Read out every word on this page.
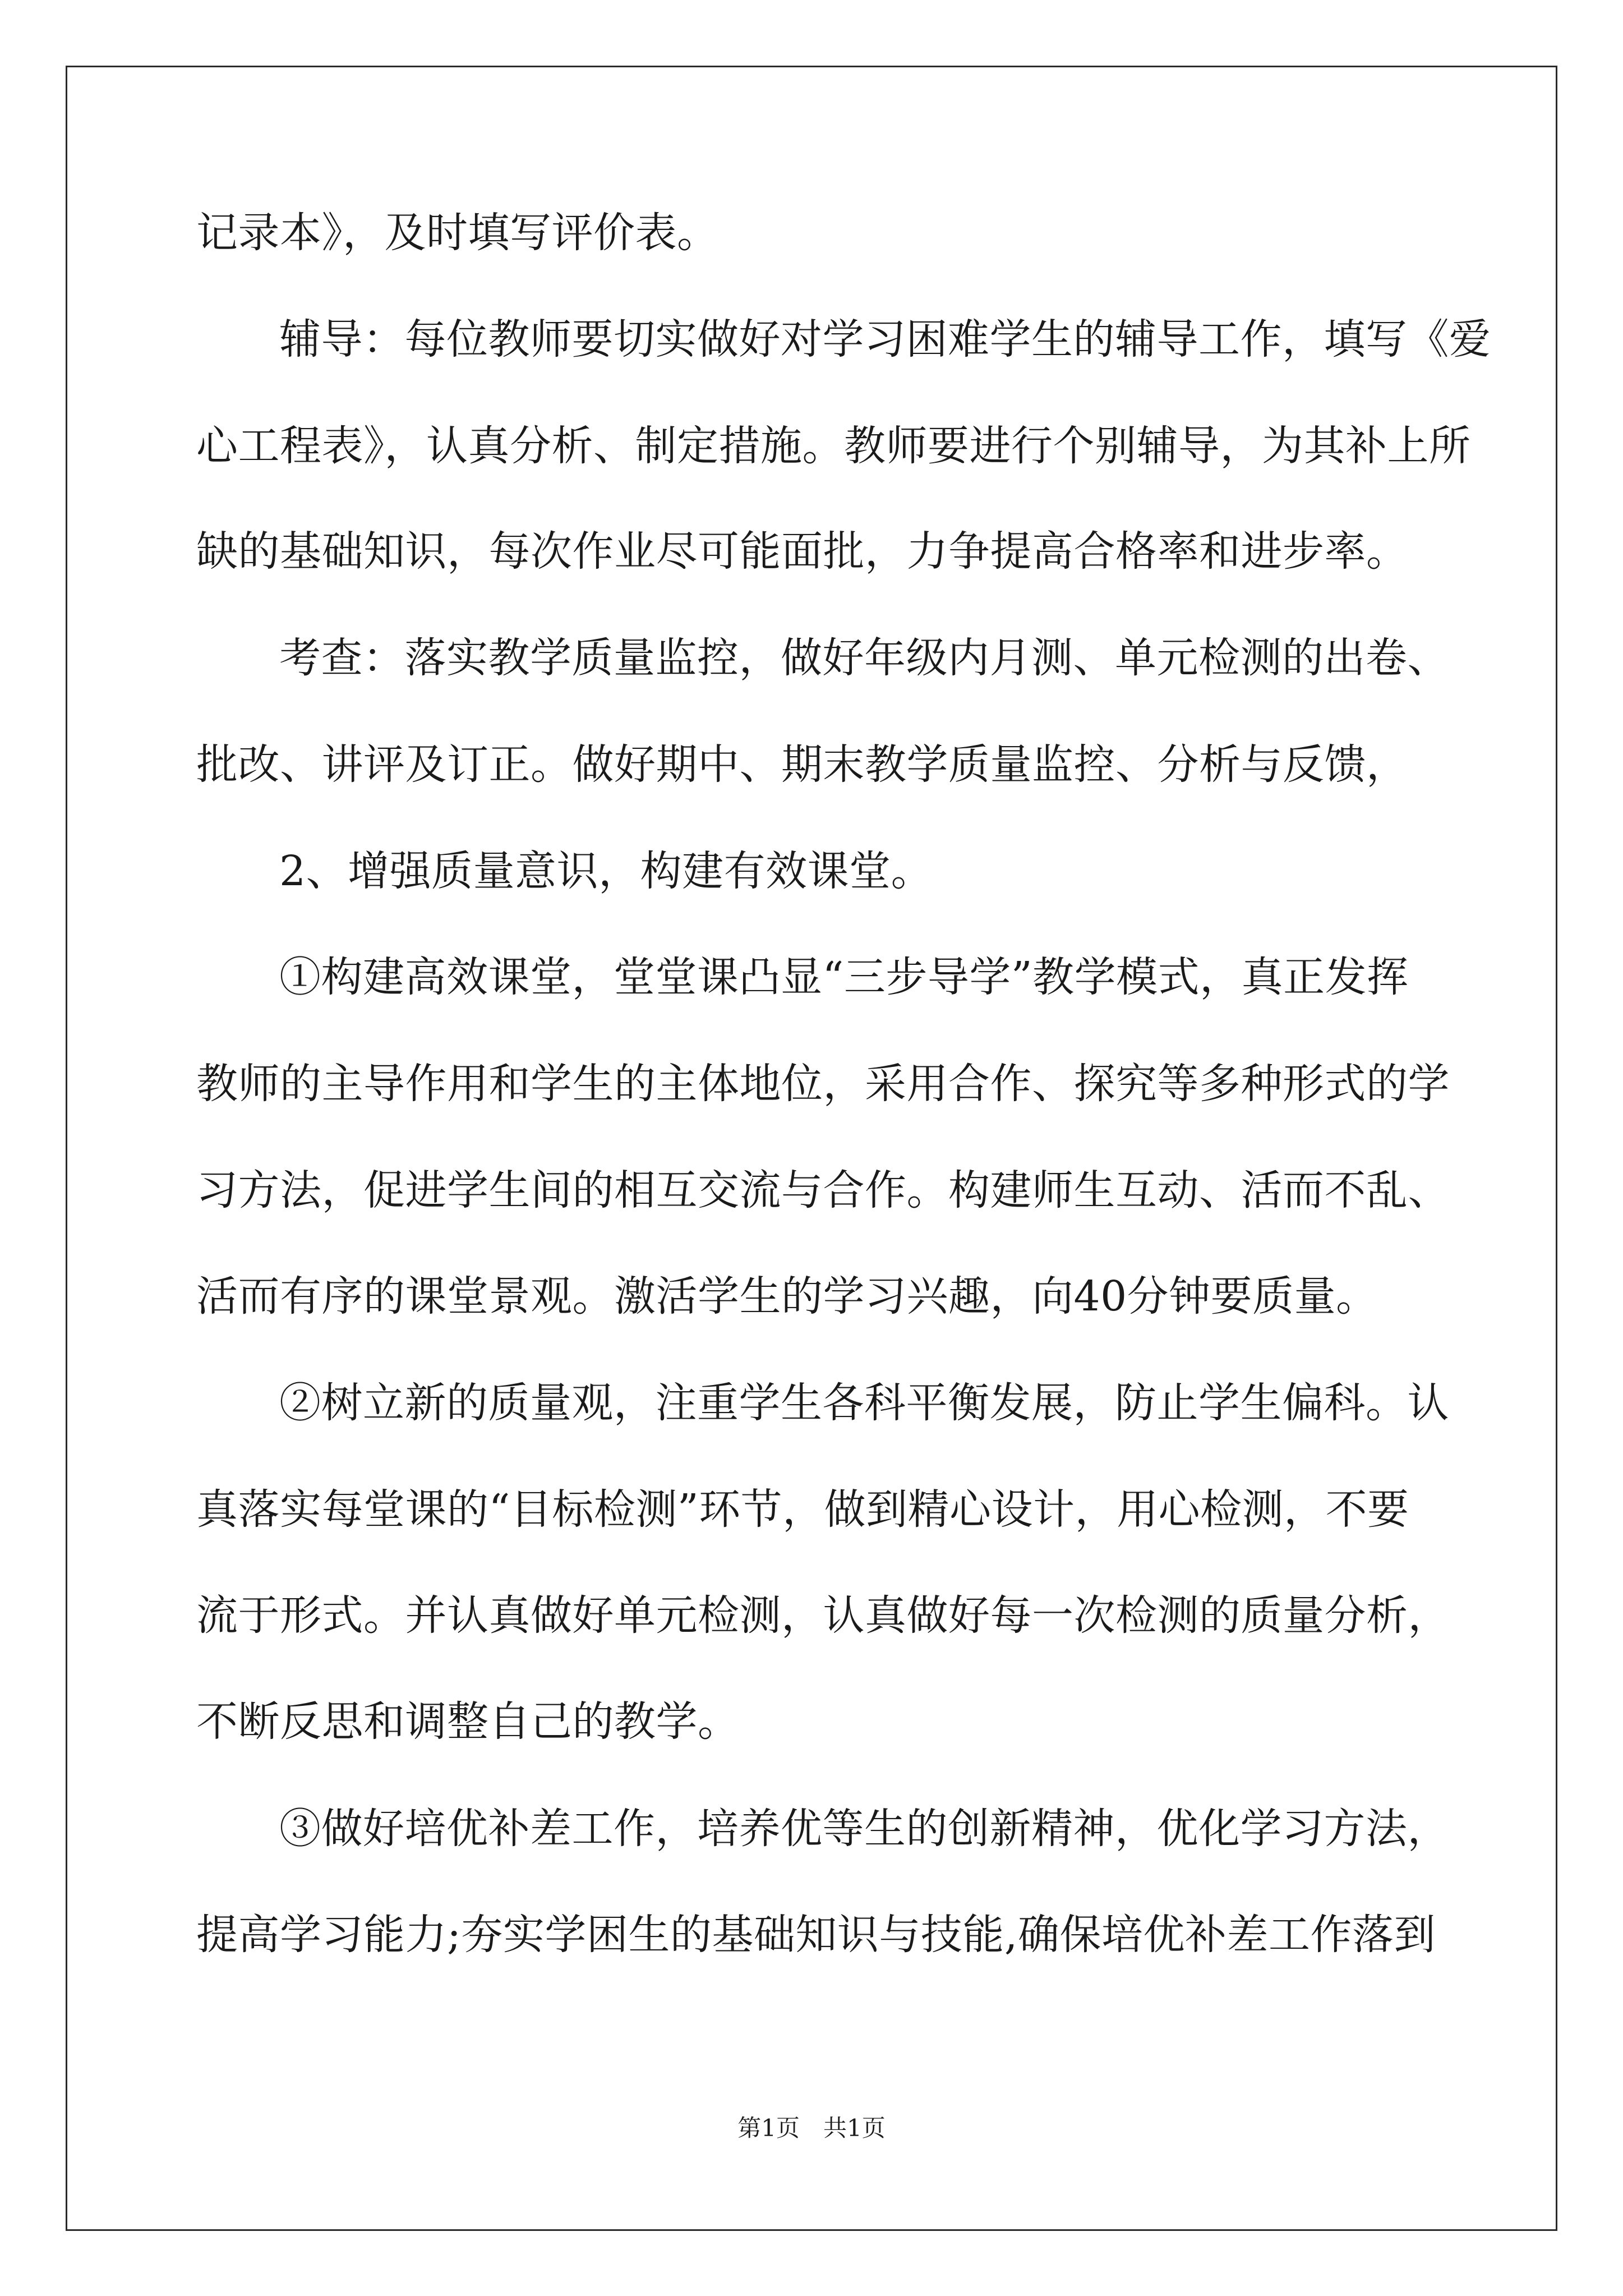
记录本》，及时填写评价表。
辅导：每位教师要切实做好对学习困难学生的辅导工作，填写《爱
心工程表》，认真分析、制定措施。教师要进行个别辅导，为其补上所
缺的基础知识，每次作业尽可能面批，力争提高合格率和进步率。
考查：落实教学质量监控，做好年级内月测、单元检测的出卷、
批改、讲评及订正。做好期中、期末教学质量监控、分析与反馈，
2、增强质量意识，构建有效课堂。
①构建高效课堂，堂堂课凸显“三步导学”教学模式，真正发挥
教师的主导作用和学生的主体地位，采用合作、探究等多种形式的学
习方法，促进学生间的相互交流与合作。构建师生互动、活而不乱、
活而有序的课堂景观。激活学生的学习兴趣，向40分钟要质量。
②树立新的质量观，注重学生各科平衡发展，防止学生偏科。认
真落实每堂课的“目标检测”环节，做到精心设计，用心检测，不要
流于形式。并认真做好单元检测，认真做好每一次检测的质量分析，
不断反思和调整自己的教学。
③做好培优补差工作，培养优等生的创新精神，优化学习方法，
提高学习能力;夯实学困生的基础知识与技能,确保培优补差工作落到
第1页　共1页
